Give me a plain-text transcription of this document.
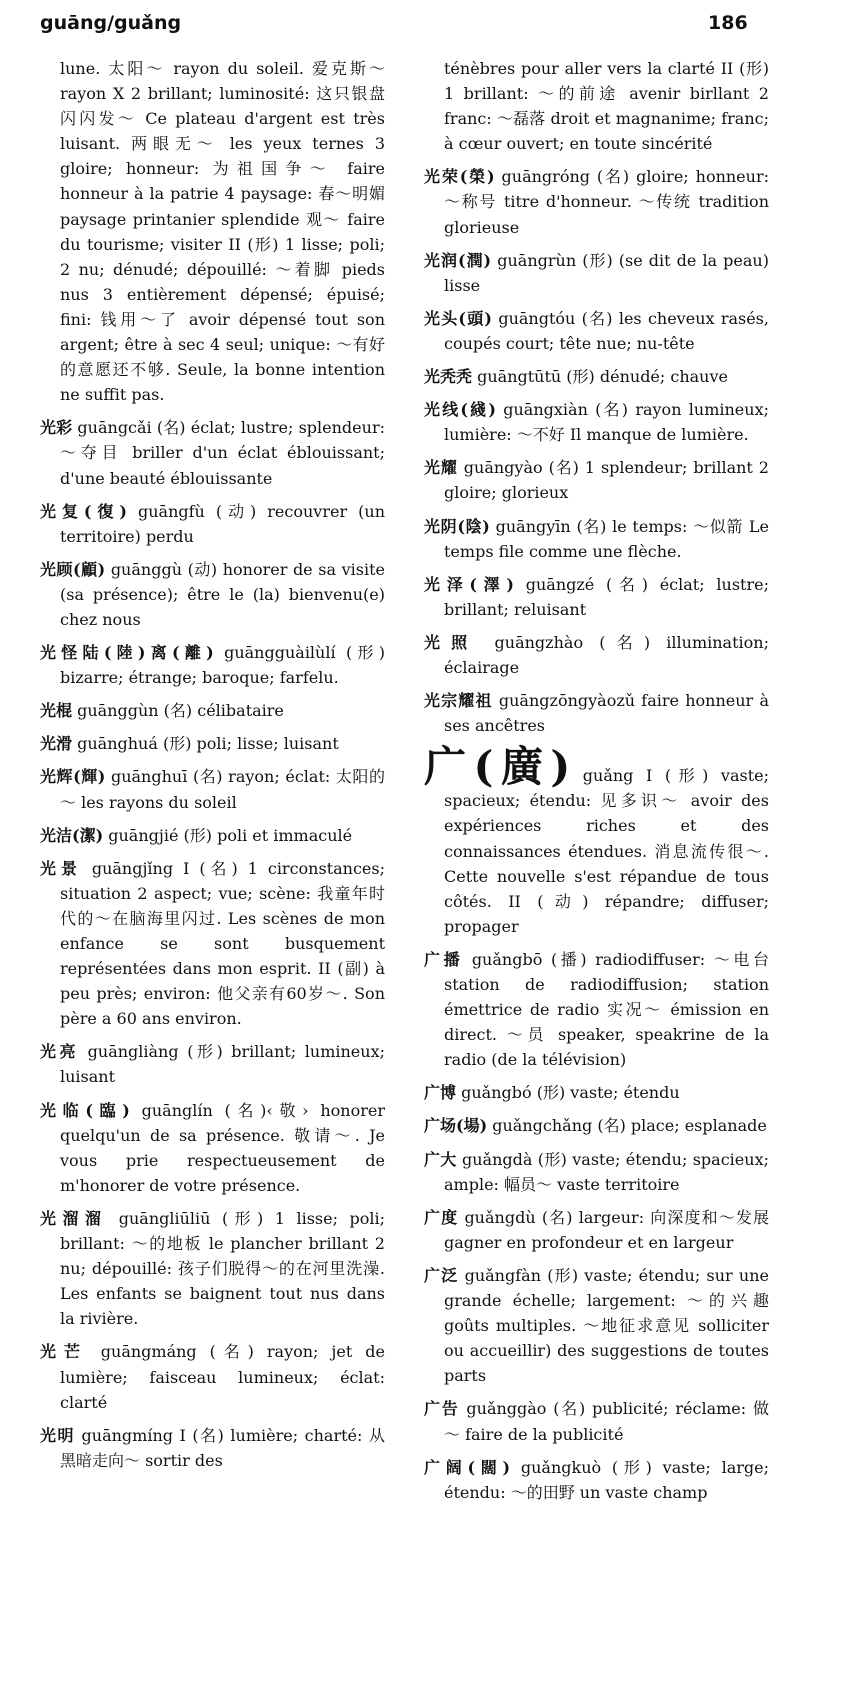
guāng/guǎng	186

lune. 太阳～ rayon du soleil. 爱克斯～ rayon X 2 brillant; luminosité: 这只银盘闪闪发～ Ce plateau d'argent est très luisant. 两眼无～ les yeux ternes 3 gloire; honneur: 为祖国争～ faire honneur à la patrie 4 paysage: 春～明媚 paysage printanier splendide 观～ faire du tourisme; visiter II (形) 1 lisse; poli; 2 nu; dénudé; dépouillé: ～着脚 pieds nus 3 entièrement dépensé; épuisé; fini: 钱用～了 avoir dépensé tout son argent; être à sec 4 seul; unique: ～有好的意愿还不够. Seule, la bonne intention ne suffit pas.

光彩 guāngcǎi (名) éclat; lustre; splendeur: ～夺目 briller d'un éclat éblouissant; d'une beauté éblouissante

光复(復) guāngfù (动) recouvrer (un territoire) perdu

光顾(顧) guānggù (动) honorer de sa visite (sa présence); être le (la) bienvenu(e) chez nous

光怪陆(陸)离(離) guāngguàilùlí (形) bizarre; étrange; baroque; farfelu.

光棍 guānggùn (名) célibataire

光滑 guānghuá (形) poli; lisse; luisant

光辉(輝) guānghuī (名) rayon; éclat: 太阳的～ les rayons du soleil

光洁(潔) guāngjié (形) poli et immaculé

光景 guāngjǐng I (名) 1 circonstances; situation 2 aspect; vue; scène: 我童年时代的～在脑海里闪过. Les scènes de mon enfance se sont busquement représentées dans mon esprit. II (副) à peu près; environ: 他父亲有60岁～. Son père a 60 ans environ.

光亮 guāngliàng (形) brillant; lumineux; luisant

光临(臨) guānglín (名)‹敬› honorer quelqu'un de sa présence. 敬请～. Je vous prie respectueusement de m'honorer de votre présence.

光溜溜 guāngliūliū (形) 1 lisse; poli; brillant: ～的地板 le plancher brillant 2 nu; dépouillé: 孩子们脱得～的在河里洗澡. Les enfants se baignent tout nus dans la rivière.

光芒 guāngmáng (名) rayon; jet de lumière; faisceau lumineux; éclat: clarté

光明 guāngmíng I (名) lumière; charté: 从黑暗走向～ sortir des

ténèbres pour aller vers la clarté II (形) 1 brillant: ～的前途 avenir birllant 2 franc: ～磊落 droit et magnanime; franc; à cœur ouvert; en toute sincérité

光荣(榮) guāngróng (名) gloire; honneur: ～称号 titre d'honneur. ～传统 tradition glorieuse

光润(潤) guāngrùn (形) (se dit de la peau) lisse

光头(頭) guāngtóu (名) les cheveux rasés, coupés court; tête nue; nu-tête

光秃秃 guāngtūtū (形) dénudé; chauve

光线(綫) guāngxiàn (名) rayon lumineux; lumière: ～不好 Il manque de lumière.

光耀 guāngyào (名) 1 splendeur; brillant 2 gloire; glorieux

光阴(陰) guāngyīn (名) le temps: ～似箭 Le temps file comme une flèche.

光泽(澤) guāngzé (名) éclat; lustre; brillant; reluisant

光照 guāngzhào (名) illumination; éclairage

光宗耀祖 guāngzōngyàozǔ faire honneur à ses ancêtres

广(廣) guǎng I (形) vaste; spacieux; étendu: 见多识～ avoir des expériences riches et des connaissances étendues. 消息流传很～. Cette nouvelle s'est répandue de tous côtés. II (动) répandre; diffuser; propager

广播 guǎngbō (播) radiodiffuser: ～电台 station de radiodiffusion; station émettrice de radio 实况～ émission en direct. ～员 speaker, speakrine de la radio (de la télévision)

广博 guǎngbó (形) vaste; étendu

广场(場) guǎngchǎng (名) place; esplanade

广大 guǎngdà (形) vaste; étendu; spacieux; ample: 幅员～ vaste territoire

广度 guǎngdù (名) largeur: 向深度和～发展 gagner en profondeur et en largeur

广泛 guǎngfàn (形) vaste; étendu; sur une grande échelle; largement: ～的兴趣 goûts multiples. ～地征求意见 solliciter ou accueillir) des suggestions de toutes parts

广告 guǎnggào (名) publicité; réclame: 做～ faire de la publicité

广阔(闊) guǎngkuò (形) vaste; large; étendu: ～的田野 un vaste champ
